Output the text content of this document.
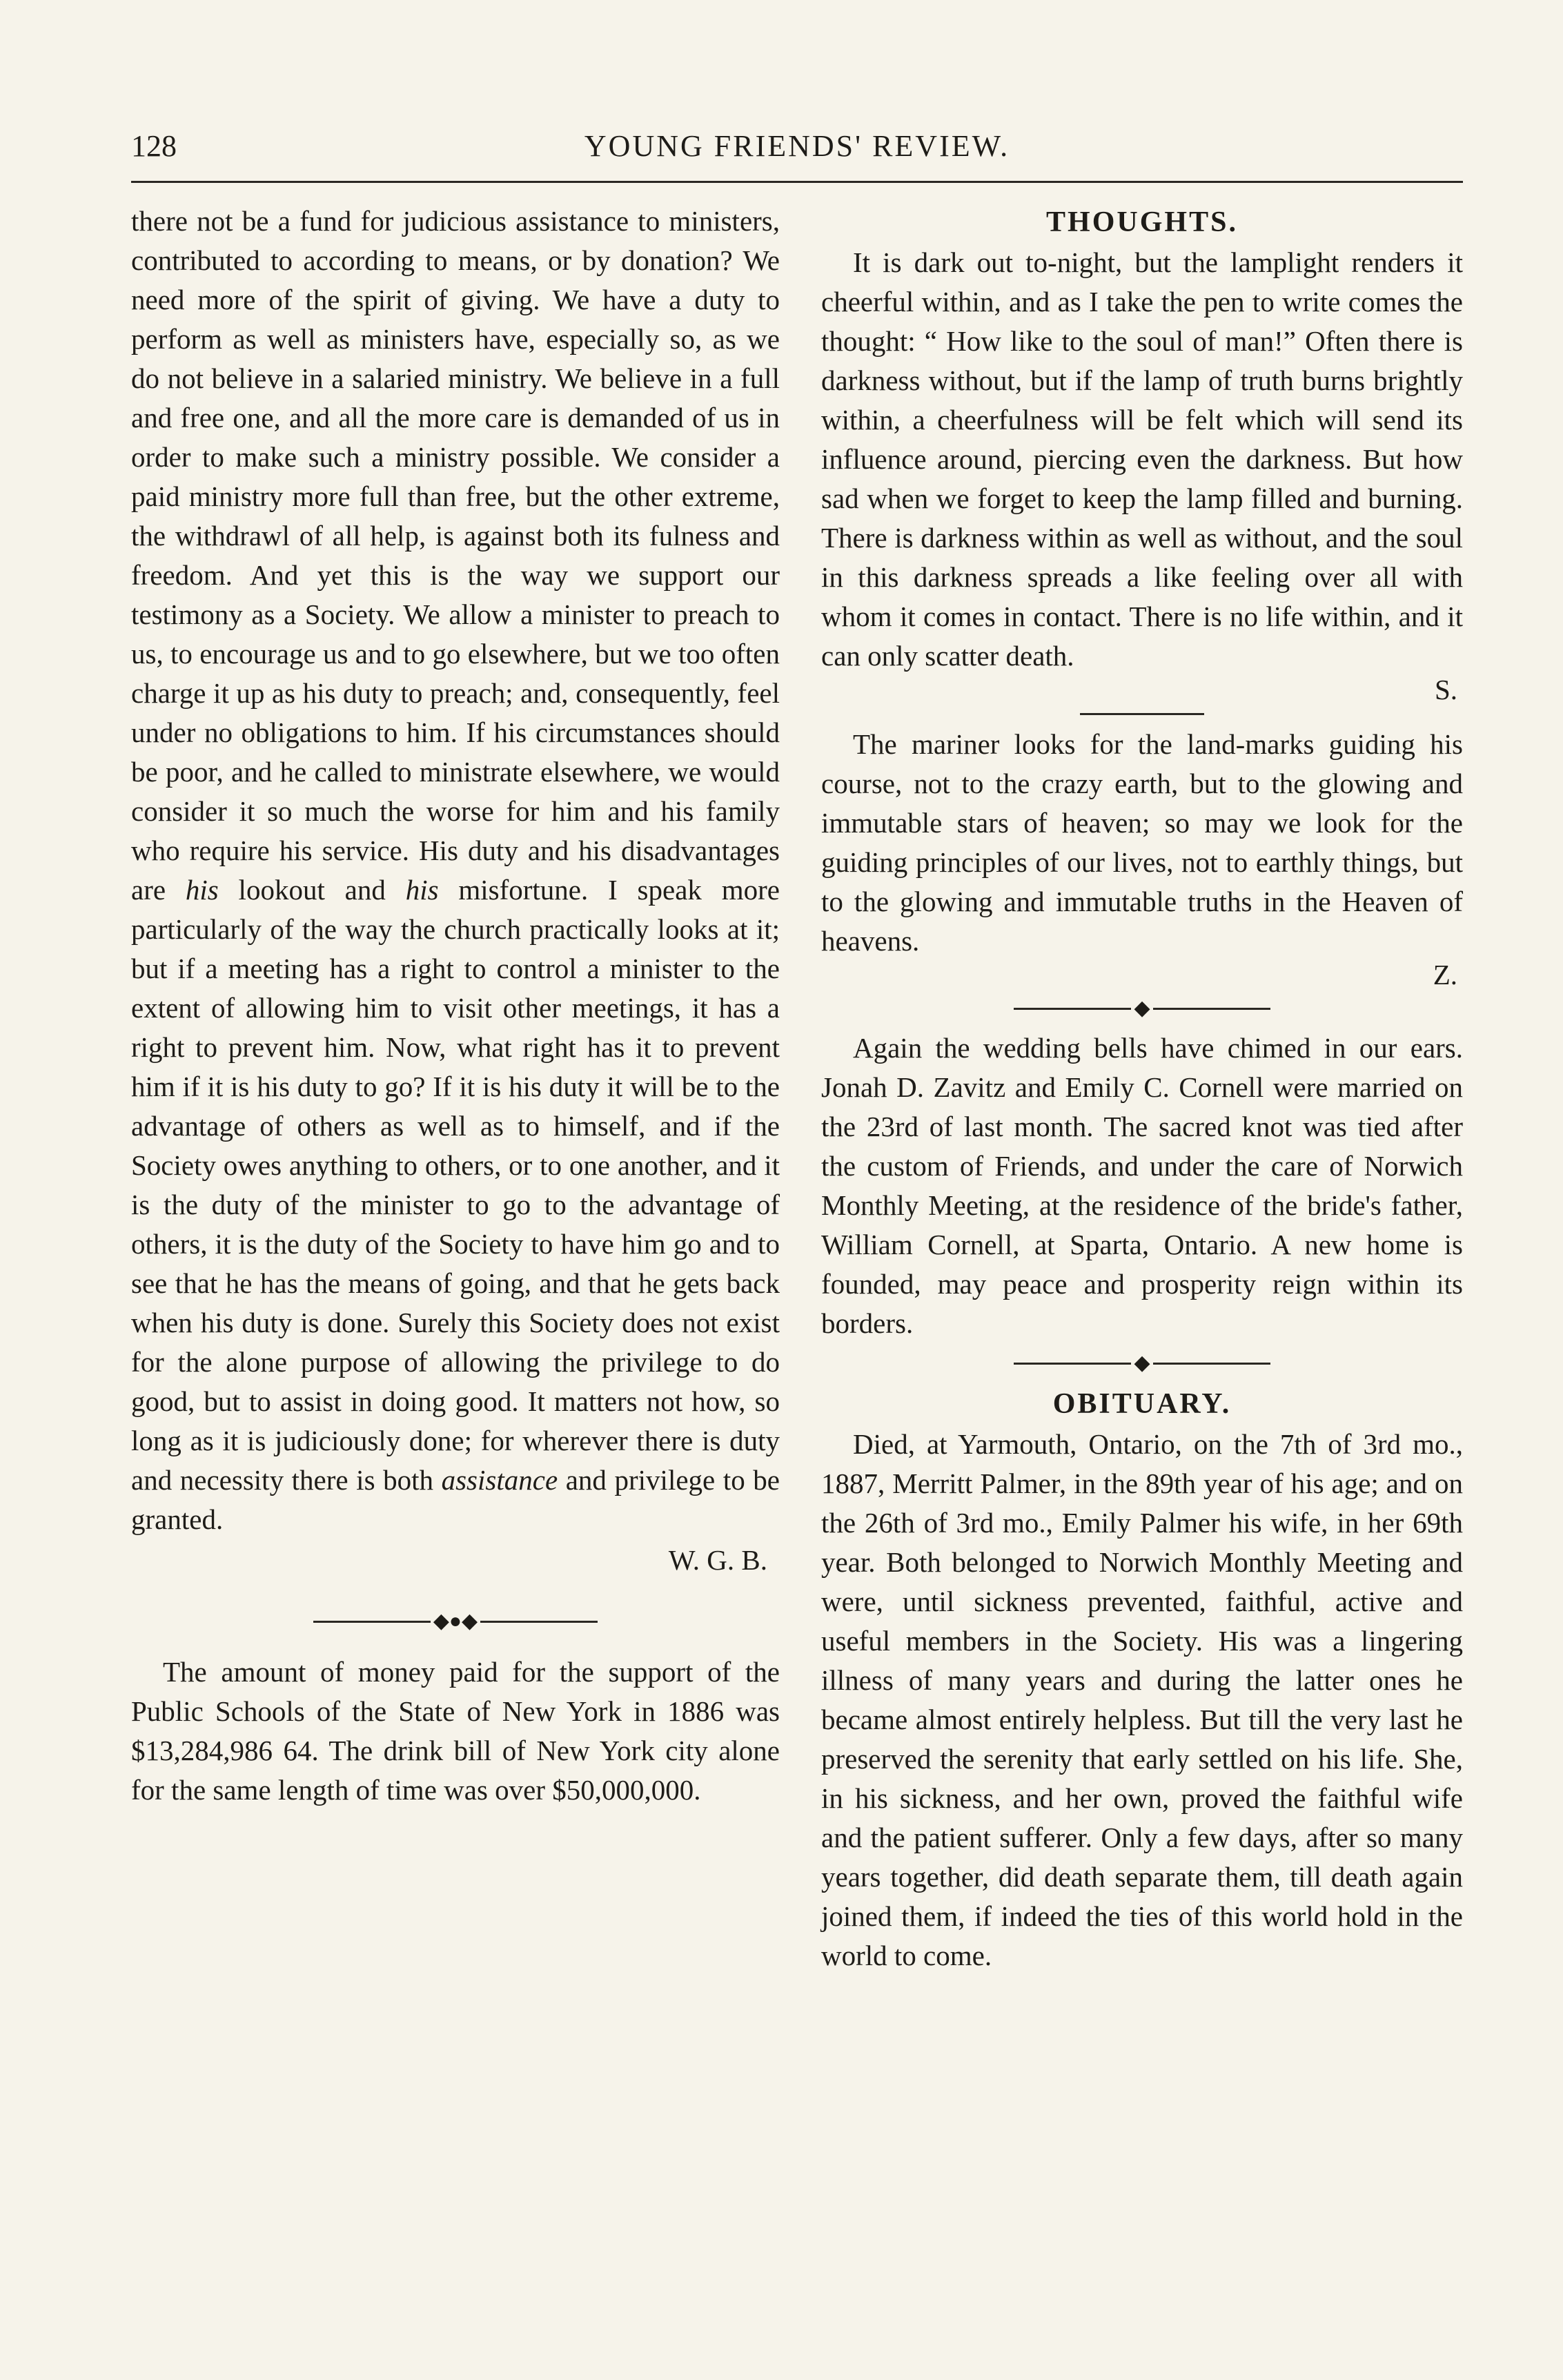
128	YOUNG FRIENDS' REVIEW.

there not be a fund for judicious assistance to ministers, contributed to according to means, or by donation? We need more of the spirit of giving. We have a duty to perform as well as ministers have, especially so, as we do not believe in a salaried ministry. We believe in a full and free one, and all the more care is demanded of us in order to make such a ministry possible. We consider a paid ministry more full than free, but the other extreme, the withdrawl of all help, is against both its fulness and freedom. And yet this is the way we support our testimony as a Society. We allow a minister to preach to us, to encourage us and to go elsewhere, but we too often charge it up as his duty to preach; and, consequently, feel under no obligations to him. If his circumstances should be poor, and he called to ministrate elsewhere, we would consider it so much the worse for him and his family who require his service. His duty and his disadvantages are his lookout and his misfortune. I speak more particularly of the way the church practically looks at it; but if a meeting has a right to control a minister to the extent of allowing him to visit other meetings, it has a right to prevent him. Now, what right has it to prevent him if it is his duty to go? If it is his duty it will be to the advantage of others as well as to himself, and if the Society owes anything to others, or to one another, and it is the duty of the minister to go to the advantage of others, it is the duty of the Society to have him go and to see that he has the means of going, and that he gets back when his duty is done. Surely this Society does not exist for the alone purpose of allowing the privilege to do good, but to assist in doing good. It matters not how, so long as it is judiciously done; for wherever there is duty and necessity there is both assistance and privilege to be granted.

W. G. B.
◆●◆

The amount of money paid for the support of the Public Schools of the State of New York in 1886 was $13,284,986 64. The drink bill of New York city alone for the same length of time was over $50,000,000.

THOUGHTS.

It is dark out to-night, but the lamplight renders it cheerful within, and as I take the pen to write comes the thought: “ How like to the soul of man!” Often there is darkness without, but if the lamp of truth burns brightly within, a cheerfulness will be felt which will send its influence around, piercing even the darkness. But how sad when we forget to keep the lamp filled and burning. There is darkness within as well as without, and the soul in this darkness spreads a like feeling over all with whom it comes in contact. There is no life within, and it can only scatter death.

S.

The mariner looks for the land-marks guiding his course, not to the crazy earth, but to the glowing and immutable stars of heaven; so may we look for the guiding principles of our lives, not to earthly things, but to the glowing and immutable truths in the Heaven of heavens.

Z.
◆

Again the wedding bells have chimed in our ears. Jonah D. Zavitz and Emily C. Cornell were married on the 23rd of last month. The sacred knot was tied after the custom of Friends, and under the care of Norwich Monthly Meeting, at the residence of the bride's father, William Cornell, at Sparta, Ontario. A new home is founded, may peace and prosperity reign within its borders.

◆
OBITUARY.

Died, at Yarmouth, Ontario, on the 7th of 3rd mo., 1887, Merritt Palmer, in the 89th year of his age; and on the 26th of 3rd mo., Emily Palmer his wife, in her 69th year. Both belonged to Norwich Monthly Meeting and were, until sickness prevented, faithful, active and useful members in the Society. His was a lingering illness of many years and during the latter ones he became almost entirely helpless. But till the very last he preserved the serenity that early settled on his life. She, in his sickness, and her own, proved the faithful wife and the patient sufferer. Only a few days, after so many years together, did death separate them, till death again joined them, if indeed the ties of this world hold in the world to come.
